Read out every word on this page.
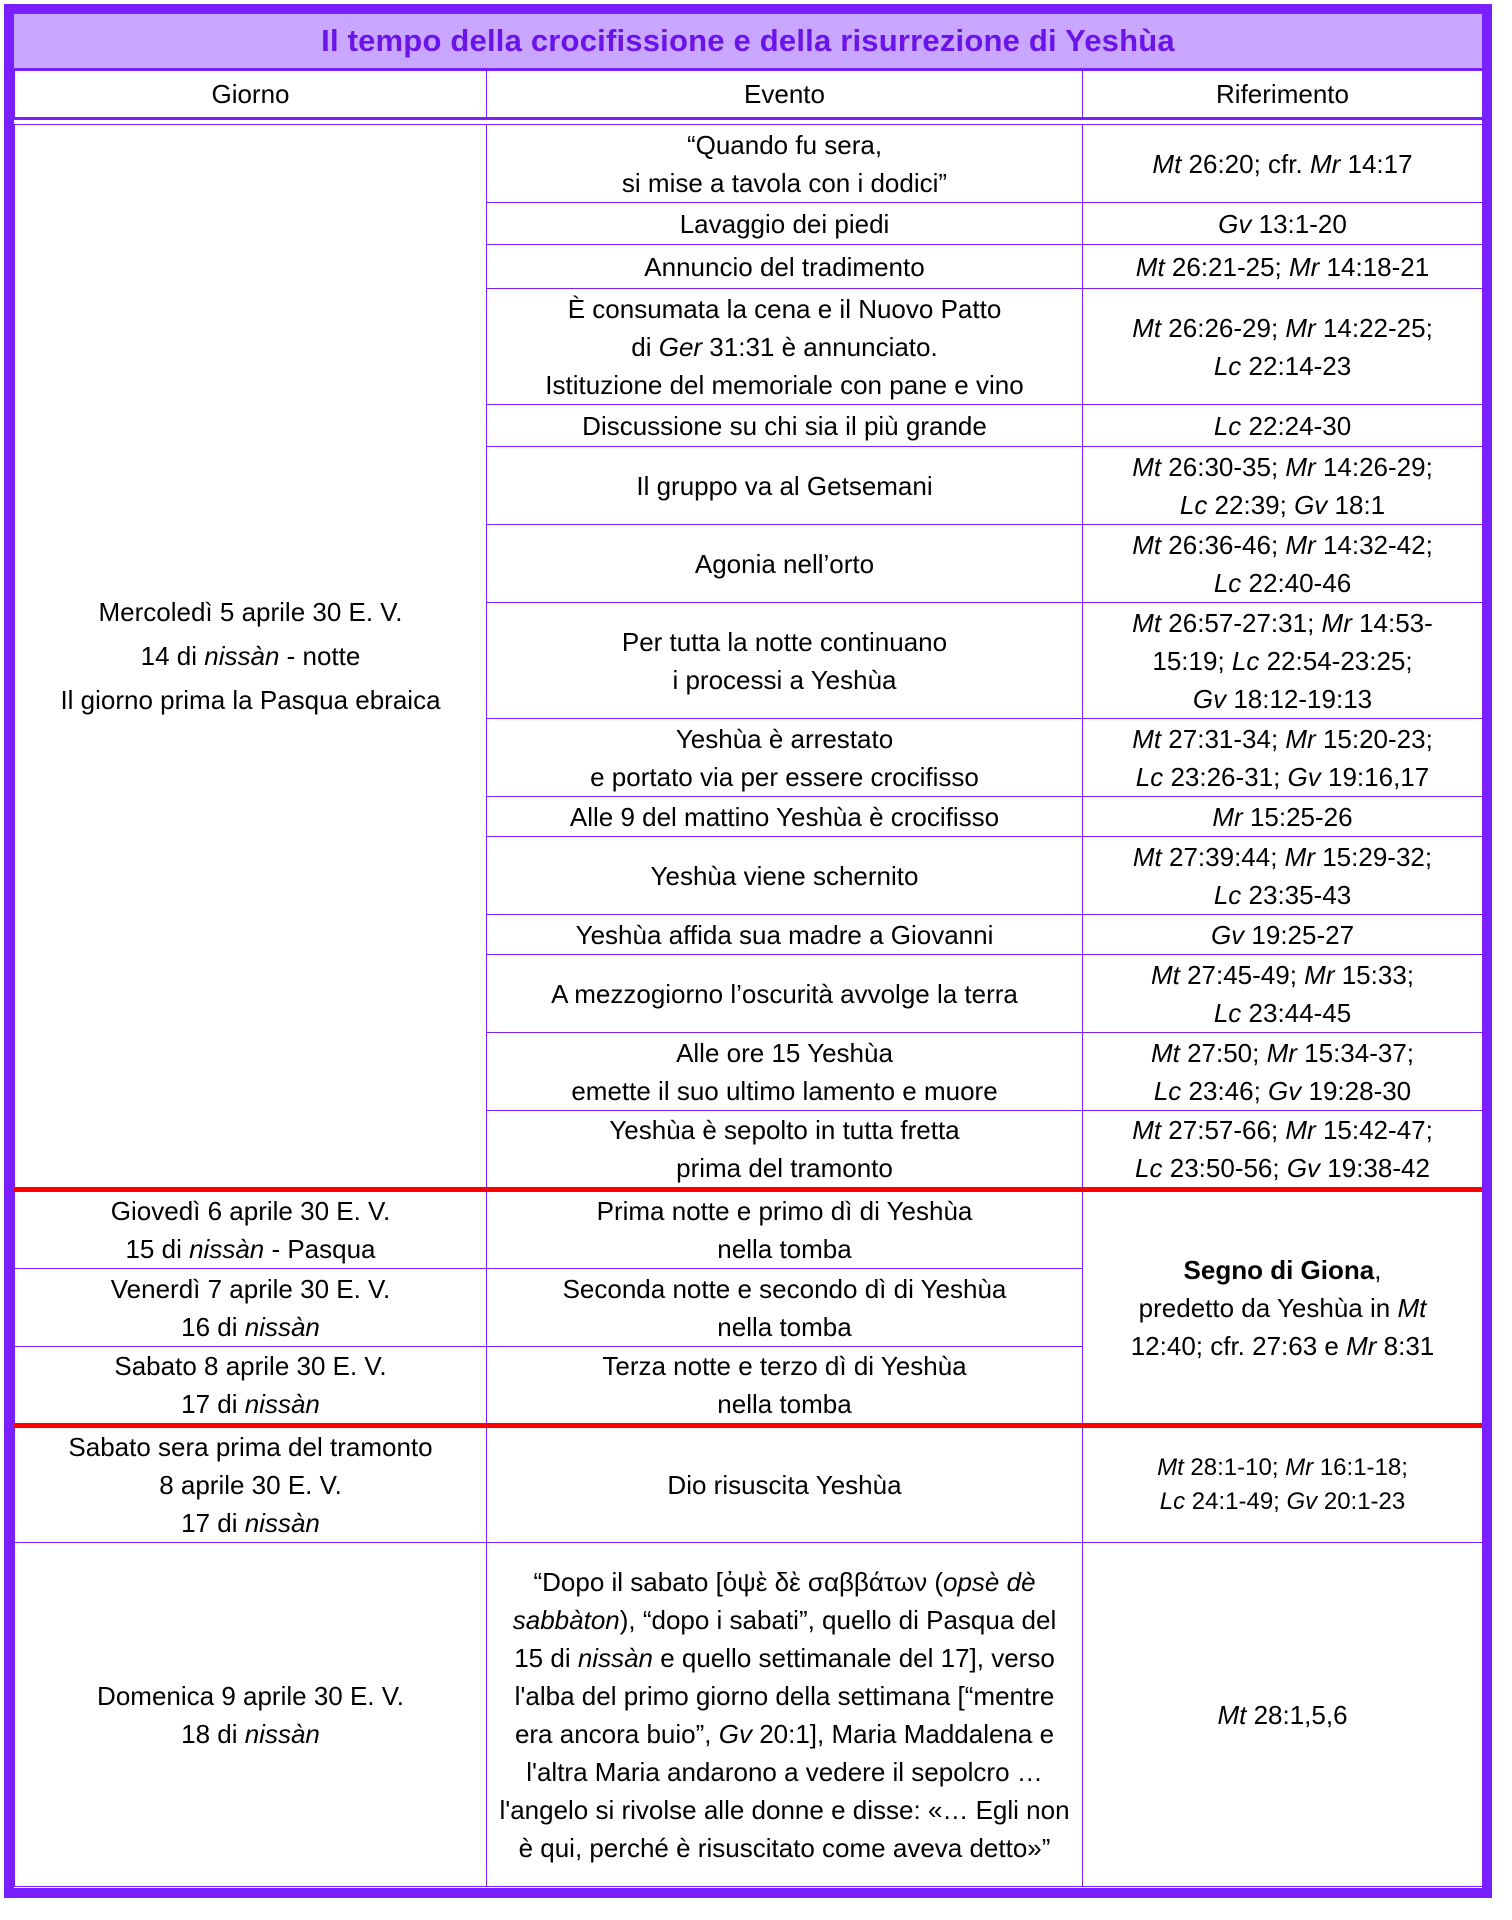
Il tempo della crocifissione e della risurrezione di Yeshùa
Giorno	Evento	Riferimento

Mercoledì 5 aprile 30 E. V.
14 di nissàn - notte
Il giorno prima la Pasqua ebraica	“Quando fu sera,
si mise a tavola con i dodici”	Mt 26:20; cfr. Mr 14:17
	Lavaggio dei piedi	Gv 13:1-20
	Annuncio del tradimento	Mt 26:21-25; Mr 14:18-21

	È consumata la cena e il Nuovo Patto
di Ger 31:31 è annunciato.
Istituzione del memoriale con pane e vino	Mt 26:26-29; Mr 14:22-25;
Lc 22:14-23

	Discussione su chi sia il più grande	Lc 22:24-30
	Il gruppo va al Getsemani	Mt 26:30-35; Mr 14:26-29;
Lc 22:39; Gv 18:1

	Agonia nell’orto	Mt 26:36-46; Mr 14:32-42;
Lc 22:40-46

	Per tutta la notte continuano
i processi a Yeshùa	Mt 26:57-27:31; Mr 14:53-
15:19; Lc 22:54-23:25;
Gv 18:12-19:13

	Yeshùa è arrestato
e portato via per essere crocifisso	Mt 27:31-34; Mr 15:20-23;
Lc 23:26-31; Gv 19:16,17

	Alle 9 del mattino Yeshùa è crocifisso	Mr 15:25-26
	Yeshùa viene schernito	Mt 27:39:44; Mr 15:29-32;
Lc 23:35-43

	Yeshùa affida sua madre a Giovanni	Gv 19:25-27
	A mezzogiorno l’oscurità avvolge la terra	Mt 27:45-49; Mr 15:33;
Lc 23:44-45

	Alle ore 15 Yeshùa
emette il suo ultimo lamento e muore	Mt 27:50; Mr 15:34-37;
Lc 23:46; Gv 19:28-30

	Yeshùa è sepolto in tutta fretta
prima del tramonto	Mt 27:57-66; Mr 15:42-47;
Lc 23:50-56; Gv 19:38-42

Giovedì 6 aprile 30 E. V.
15 di nissàn - Pasqua	Prima notte e primo dì di Yeshùa
nella tomba	Segno di Giona,
predetto da Yeshùa in Mt
12:40; cfr. 27:63 e Mr 8:31

Venerdì 7 aprile 30 E. V.
16 di nissàn	Seconda notte e secondo dì di Yeshùa
nella tomba	

Sabato 8 aprile 30 E. V.
17 di nissàn	Terza notte e terzo dì di Yeshùa
nella tomba	

Sabato sera prima del tramonto
8 aprile 30 E. V.
17 di nissàn	Dio risuscita Yeshùa	Mt 28:1-10; Mr 16:1-18;
Lc 24:1-49; Gv 20:1-23

Domenica 9 aprile 30 E. V.
18 di nissàn	“Dopo il sabato [ὀψὲ δὲ σαββάτων (opsè dè sabbàton), “dopo i sabati”, quello di Pasqua del 15 di nissàn e quello settimanale del 17], verso l'alba del primo giorno della settimana [“mentre era ancora buio”, Gv 20:1], Maria Maddalena e l'altra Maria andarono a vedere il sepolcro … l'angelo si rivolse alle donne e disse: «… Egli non è qui, perché è risuscitato come aveva detto»”	Mt 28:1,5,6
